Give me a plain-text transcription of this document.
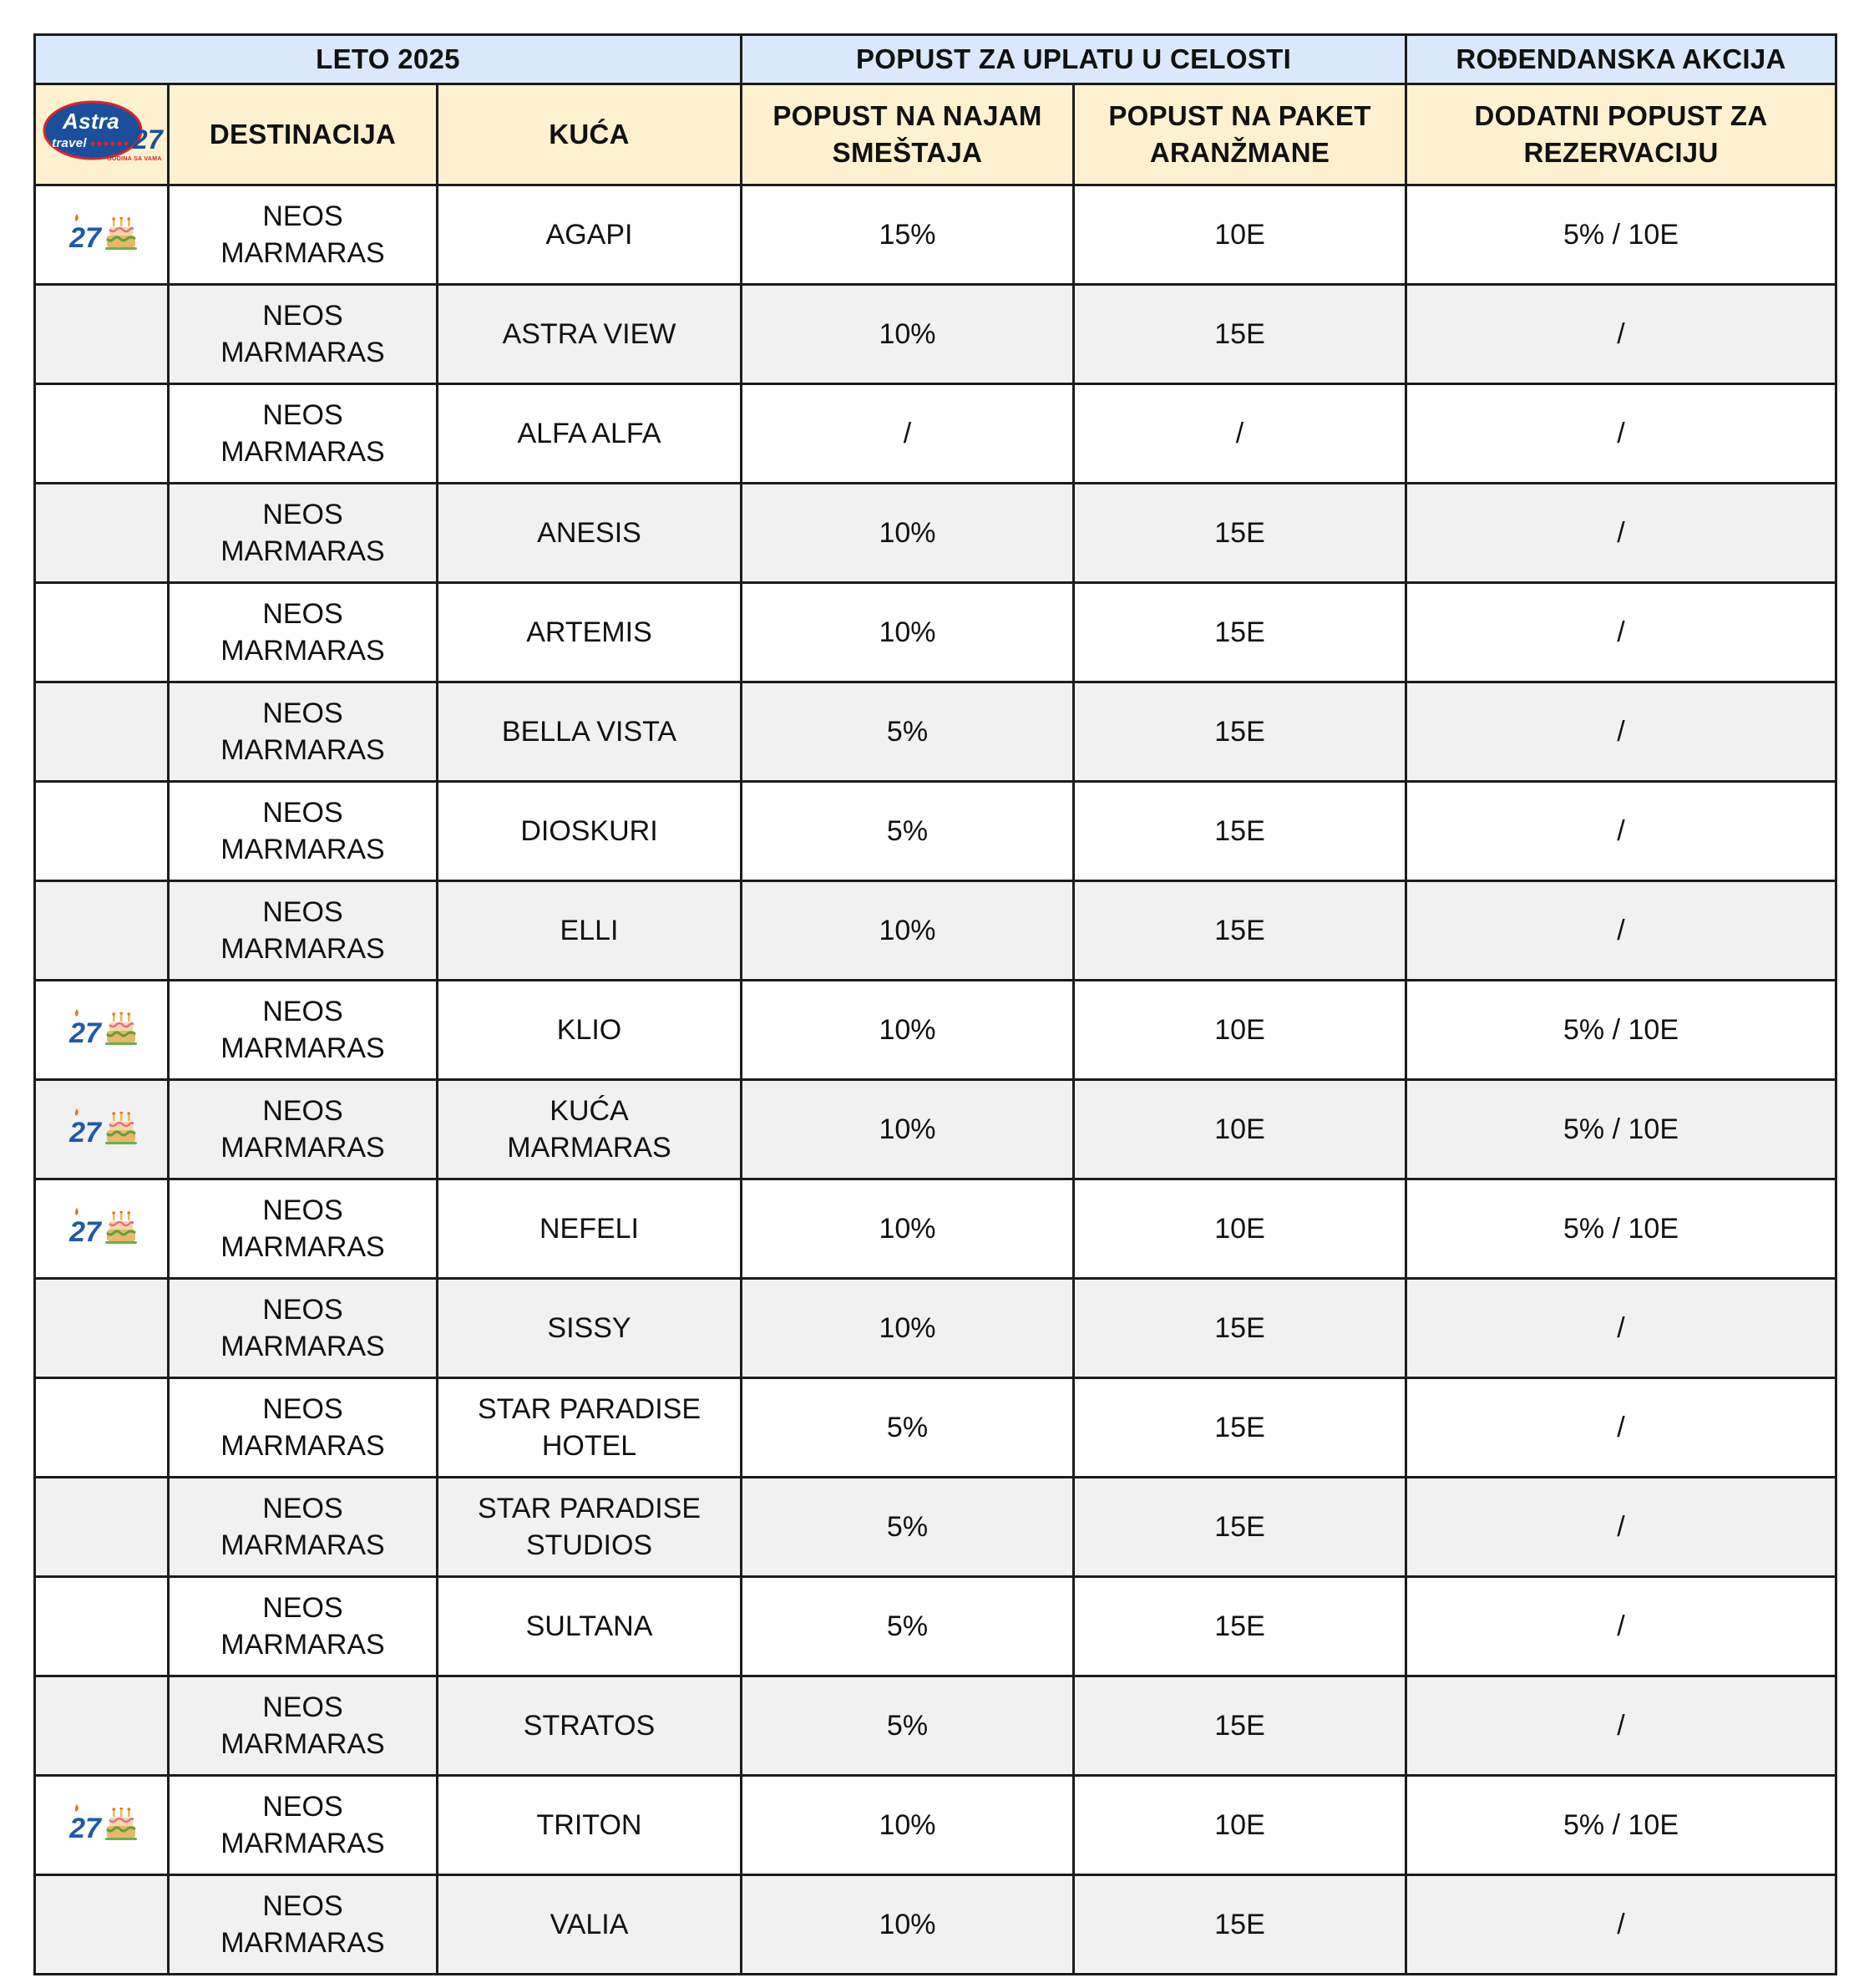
LETO 2025			POPUST ZA UPLATU U CELOSTI		ROĐENDANSKA AKCIJA

Astra
travel 27
GODINA SA VAMA	DESTINACIJA	KUĆA	POPUST NA NAJAM
SMEŠTAJA	POPUST NA PAKET
ARANŽMANE	DODATNI POPUST ZA
REZERVACIJU

27	NEOS
MARMARAS	AGAPI	15%	10E	5% / 10E
	NEOS
MARMARAS	ASTRA VIEW	10%	15E	/
	NEOS
MARMARAS	ALFA ALFA	/	/	/
	NEOS
MARMARAS	ANESIS	10%	15E	/
	NEOS
MARMARAS	ARTEMIS	10%	15E	/
	NEOS
MARMARAS	BELLA VISTA	5%	15E	/
	NEOS
MARMARAS	DIOSKURI	5%	15E	/
	NEOS
MARMARAS	ELLI	10%	15E	/

27	NEOS
MARMARAS	KLIO	10%	10E	5% / 10E

27	NEOS
MARMARAS	KUĆA
MARMARAS	10%	10E	5% / 10E

27	NEOS
MARMARAS	NEFELI	10%	10E	5% / 10E
	NEOS
MARMARAS	SISSY	10%	15E	/
	NEOS
MARMARAS	STAR PARADISE
HOTEL	5%	15E	/
	NEOS
MARMARAS	STAR PARADISE
STUDIOS	5%	15E	/
	NEOS
MARMARAS	SULTANA	5%	15E	/
	NEOS
MARMARAS	STRATOS	5%	15E	/

27	NEOS
MARMARAS	TRITON	10%	10E	5% / 10E
	NEOS
MARMARAS	VALIA	10%	15E	/
